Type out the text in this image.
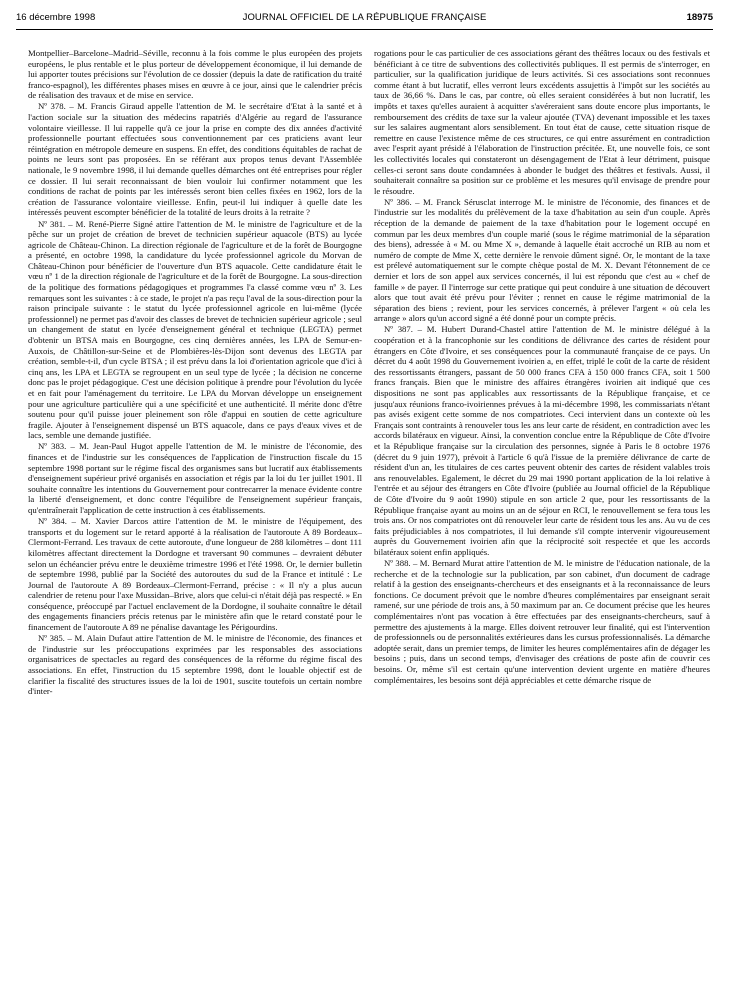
16 décembre 1998	JOURNAL OFFICIEL DE LA RÉPUBLIQUE FRANÇAISE	18975

Montpellier–Barcelone–Madrid–Séville, reconnu à la fois comme le plus européen des projets européens, le plus rentable et le plus porteur de développement économique, il lui demande de lui apporter toutes précisions sur l'évolution de ce dossier (depuis la date de ratification du traité franco-espagnol), les différentes phases mises en œuvre à ce jour, ainsi que le calendrier précis de réalisation des travaux et de mise en service.

Nº 378. – M. Francis Giraud appelle l'attention de M. le secrétaire d'Etat à la santé et à l'action sociale sur la situation des médecins rapatriés d'Algérie au regard de l'assurance volontaire vieillesse. Il lui rappelle qu'à ce jour la prise en compte des dix années d'activité professionnelle pourtant effectuées sous conventionnement par ces praticiens avant leur réintégration en métropole demeure en suspens. En effet, des conditions équitables de rachat de points ne leurs sont pas proposées. En se référant aux propos tenus devant l'Assemblée nationale, le 9 novembre 1998, il lui demande quelles démarches ont été entreprises pour régler ce dossier. Il lui serait reconnaissant de bien vouloir lui confirmer notamment que les conditions de rachat de points par les intéressés seront bien celles fixées en 1962, lors de la création de l'assurance volontaire vieillesse. Enfin, peut-il lui indiquer à quelle date les intéressés peuvent escompter bénéficier de la totalité de leurs droits à la retraite ?

Nº 381. – M. René-Pierre Signé attire l'attention de M. le ministre de l'agriculture et de la pêche sur un projet de création de brevet de technicien supérieur aquacole (BTS) au lycée agricole de Château-Chinon. La direction régionale de l'agriculture et de la forêt de Bourgogne a présenté, en octobre 1998, la candidature du lycée professionnel agricole du Morvan de Château-Chinon pour bénéficier de l'ouverture d'un BTS aquacole. Cette candidature était le vœu nº 1 de la direction régionale de l'agriculture et de la forêt de Bourgogne. La sous-direction de la politique des formations pédagogiques et programmes l'a classé comme vœu nº 3. Les remarques sont les suivantes : à ce stade, le projet n'a pas reçu l'aval de la sous-direction pour la raison principale suivante : le statut du lycée professionnel agricole en lui-même (lycée professionnel) ne permet pas d'avoir des classes de brevet de technicien supérieur agricole ; seul un changement de statut en lycée d'enseignement général et technique (LEGTA) permet d'obtenir un BTSA mais en Bourgogne, ces cinq dernières années, les LPA de Semur-en-Auxois, de Châtillon-sur-Seine et de Plombières-lès-Dijon sont devenus des LEGTA par création, semble-t-il, d'un cycle BTSA ; il est prévu dans la loi d'orientation agricole que d'ici à cinq ans, les LPA et LEGTA se regroupent en un seul type de lycée ; la décision ne concerne donc pas le projet pédagogique. C'est une décision politique à prendre pour l'évolution du lycée et en fait pour l'aménagement du territoire. Le LPA du Morvan développe un enseignement pour une agriculture particulière qui a une spécificité et une authenticité. Il mérite donc d'être soutenu pour qu'il puisse jouer pleinement son rôle d'appui en soutien de cette agriculture fragile. Ajouter à l'enseignement dispensé un BTS aquacole, dans ce pays d'eaux vives et de lacs, semble une demande justifiée.

Nº 383. – M. Jean-Paul Hugot appelle l'attention de M. le ministre de l'économie, des finances et de l'industrie sur les conséquences de l'application de l'instruction fiscale du 15 septembre 1998 portant sur le régime fiscal des organismes sans but lucratif aux établissements d'enseignement supérieur privé organisés en association et régis par la loi du 1er juillet 1901. Il souhaite connaître les intentions du Gouvernement pour contrecarrer la menace évidente contre la liberté d'enseignement, et donc contre l'équilibre de l'enseignement supérieur français, qu'entraînerait l'application de cette instruction à ces établissements.

Nº 384. – M. Xavier Darcos attire l'attention de M. le ministre de l'équipement, des transports et du logement sur le retard apporté à la réalisation de l'autoroute A 89 Bordeaux–Clermont-Ferrand. Les travaux de cette autoroute, d'une longueur de 288 kilomètres – dont 111 kilomètres affectant directement la Dordogne et traversant 90 communes – devraient débuter selon un échéancier prévu entre le deuxième trimestre 1996 et l'été 1998. Or, le dernier bulletin de septembre 1998, publié par la Société des autoroutes du sud de la France et intitulé : Le Journal de l'autoroute A 89 Bordeaux–Clermont-Ferrand, précise : « Il n'y a plus aucun calendrier de retenu pour l'axe Mussidan–Brive, alors que celui-ci n'était déjà pas respecté. » En conséquence, préoccupé par l'actuel enclavement de la Dordogne, il souhaite connaître le détail des engagements financiers précis retenus par le ministère afin que le retard constaté pour le financement de l'autoroute A 89 ne pénalise davantage les Périgourdins.

Nº 385. – M. Alain Dufaut attire l'attention de M. le ministre de l'économie, des finances et de l'industrie sur les préoccupations exprimées par les responsables des associations organisatrices de spectacles au regard des conséquences de la réforme du régime fiscal des associations. En effet, l'instruction du 15 septembre 1998, dont le louable objectif est de clarifier la fiscalité des structures issues de la loi de 1901, suscite toutefois un certain nombre d'inter-

rogations pour le cas particulier de ces associations gérant des théâtres locaux ou des festivals et bénéficiant à ce titre de subventions des collectivités publiques. Il est permis de s'interroger, en particulier, sur la qualification juridique de leurs activités. Si ces associations sont reconnues comme étant à but lucratif, elles verront leurs excédents assujettis à l'impôt sur les sociétés au taux de 36,66 %. Dans le cas, par contre, où elles seraient considérées à but non lucratif, les impôts et taxes qu'elles auraient à acquitter s'avéreraient sans doute encore plus importants, le remboursement des crédits de taxe sur la valeur ajoutée (TVA) devenant impossible et les taxes sur les salaires augmentant alors sensiblement. En tout état de cause, cette situation risque de remettre en cause l'existence même de ces structures, ce qui entre assurément en contradiction avec l'esprit ayant présidé à l'élaboration de l'instruction précitée. Et, une nouvelle fois, ce sont les collectivités locales qui constateront un désengagement de l'Etat à leur détriment, puisque celles-ci seront sans doute condamnées à abonder le budget des théâtres et festivals. Aussi, il souhaiterait connaître sa position sur ce problème et les mesures qu'il envisage de prendre pour le résoudre.

Nº 386. – M. Franck Sérusclat interroge M. le ministre de l'économie, des finances et de l'industrie sur les modalités du prélèvement de la taxe d'habitation au sein d'un couple. Après réception de la demande de paiement de la taxe d'habitation pour le logement occupé en commun par les deux membres d'un couple marié (sous le régime matrimonial de la séparation des biens), adressée à « M. ou Mme X », demande à laquelle était accroché un RIB au nom et numéro de compte de Mme X, cette dernière le renvoie dûment signé. Or, le montant de la taxe est prélevé automatiquement sur le compte chèque postal de M. X. Devant l'étonnement de ce dernier et lors de son appel aux services concernés, il lui est répondu que c'est au « chef de famille » de payer. Il l'interroge sur cette pratique qui peut conduire à une situation de découvert alors que tout avait été prévu pour l'éviter ; rennet en cause le régime matrimonial de la séparation des biens ; revient, pour les services concernés, à prélever l'argent « où cela les arrange » alors qu'un accord signé a été donné pour un compte précis.

Nº 387. – M. Hubert Durand-Chastel attire l'attention de M. le ministre délégué à la coopération et à la francophonie sur les conditions de délivrance des cartes de résident pour étrangers en Côte d'Ivoire, et ses conséquences pour la communauté française de ce pays. Un décret du 4 août 1998 du Gouvernement ivoirien a, en effet, triplé le coût de la carte de résident des ressortissants étrangers, passant de 50 000 francs CFA à 150 000 francs CFA, soit 1 500 francs français. Bien que le ministre des affaires étrangères ivoirien ait indiqué que ces dispositions ne sont pas applicables aux ressortissants de la République française, et ce jusqu'aux réunions franco-ivoiriennes prévues à la mi-décembre 1998, les commissariats n'étant pas avisés exigent cette somme de nos compatriotes. Ceci intervient dans un contexte où les Français sont contraints à renouveler tous les ans leur carte de résident, en contradiction avec les accords bilatéraux en vigueur. Ainsi, la convention conclue entre la République de Côte d'Ivoire et la République française sur la circulation des personnes, signée à Paris le 8 octobre 1976 (décret du 9 juin 1977), prévoit à l'article 6 qu'à l'issue de la première délivrance de carte de résident d'un an, les titulaires de ces cartes peuvent obtenir des cartes de résident valables trois ans renouvelables. Egalement, le décret du 29 mai 1990 portant application de la loi relative à l'entrée et au séjour des étrangers en Côte d'Ivoire (publiée au Journal officiel de la République de Côte d'Ivoire du 9 août 1990) stipule en son article 2 que, pour les ressortissants de la République française ayant au moins un an de séjour en RCI, le renouvellement se fera tous les trois ans. Or nos compatriotes ont dû renouveler leur carte de résident tous les ans. Au vu de ces faits préjudiciables à nos compatriotes, il lui demande s'il compte intervenir vigoureusement auprès du Gouvernement ivoirien afin que la réciprocité soit respectée et que les accords bilatéraux soient enfin appliqués.

Nº 388. – M. Bernard Murat attire l'attention de M. le ministre de l'éducation nationale, de la recherche et de la technologie sur la publication, par son cabinet, d'un document de cadrage relatif à la gestion des enseignants-chercheurs et des enseignants et à la reconnaissance de leurs fonctions. Ce document prévoit que le nombre d'heures complémentaires par enseignant serait ramené, sur une période de trois ans, à 50 maximum par an. Ce document précise que les heures complémentaires n'ont pas vocation à être effectuées par des enseignants-chercheurs, sauf à permettre des ajustements à la marge. Elles doivent retrouver leur finalité, qui est l'intervention de professionnels ou de personnalités extérieures dans les cursus professionnalisés. La démarche adoptée serait, dans un premier temps, de limiter les heures complémentaires afin de dégager les besoins ; puis, dans un second temps, d'envisager des créations de poste afin de couvrir ces besoins. Or, même s'il est certain qu'une intervention devient urgente en matière d'heures complémentaires, les besoins sont déjà appréciables et cette démarche risque de
